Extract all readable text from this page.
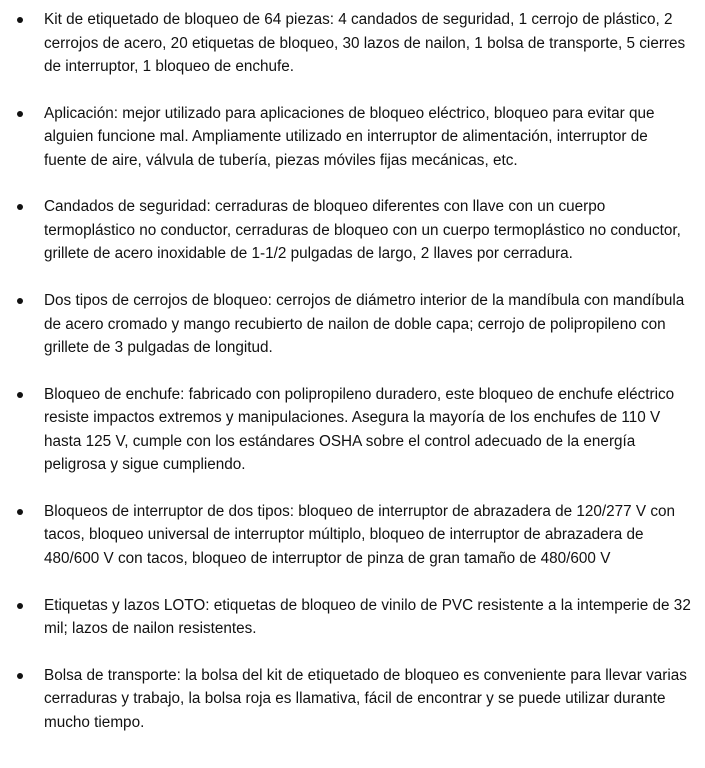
Kit de etiquetado de bloqueo de 64 piezas: 4 candados de seguridad, 1 cerrojo de plástico, 2 cerrojos de acero, 20 etiquetas de bloqueo, 30 lazos de nailon, 1 bolsa de transporte, 5 cierres de interruptor, 1 bloqueo de enchufe.
Aplicación: mejor utilizado para aplicaciones de bloqueo eléctrico, bloqueo para evitar que alguien funcione mal. Ampliamente utilizado en interruptor de alimentación, interruptor de fuente de aire, válvula de tubería, piezas móviles fijas mecánicas, etc.
Candados de seguridad: cerraduras de bloqueo diferentes con llave con un cuerpo termoplástico no conductor, cerraduras de bloqueo con un cuerpo termoplástico no conductor, grillete de acero inoxidable de 1-1/2 pulgadas de largo, 2 llaves por cerradura.
Dos tipos de cerrojos de bloqueo: cerrojos de diámetro interior de la mandíbula con mandíbula de acero cromado y mango recubierto de nailon de doble capa; cerrojo de polipropileno con grillete de 3 pulgadas de longitud.
Bloqueo de enchufe: fabricado con polipropileno duradero, este bloqueo de enchufe eléctrico resiste impactos extremos y manipulaciones. Asegura la mayoría de los enchufes de 110 V hasta 125 V, cumple con los estándares OSHA sobre el control adecuado de la energía peligrosa y sigue cumpliendo.
Bloqueos de interruptor de dos tipos: bloqueo de interruptor de abrazadera de 120/277 V con tacos, bloqueo universal de interruptor múltiplo, bloqueo de interruptor de abrazadera de 480/600 V con tacos, bloqueo de interruptor de pinza de gran tamaño de 480/600 V
Etiquetas y lazos LOTO: etiquetas de bloqueo de vinilo de PVC resistente a la intemperie de 32 mil; lazos de nailon resistentes.
Bolsa de transporte: la bolsa del kit de etiquetado de bloqueo es conveniente para llevar varias cerraduras y trabajo, la bolsa roja es llamativa, fácil de encontrar y se puede utilizar durante mucho tiempo.
